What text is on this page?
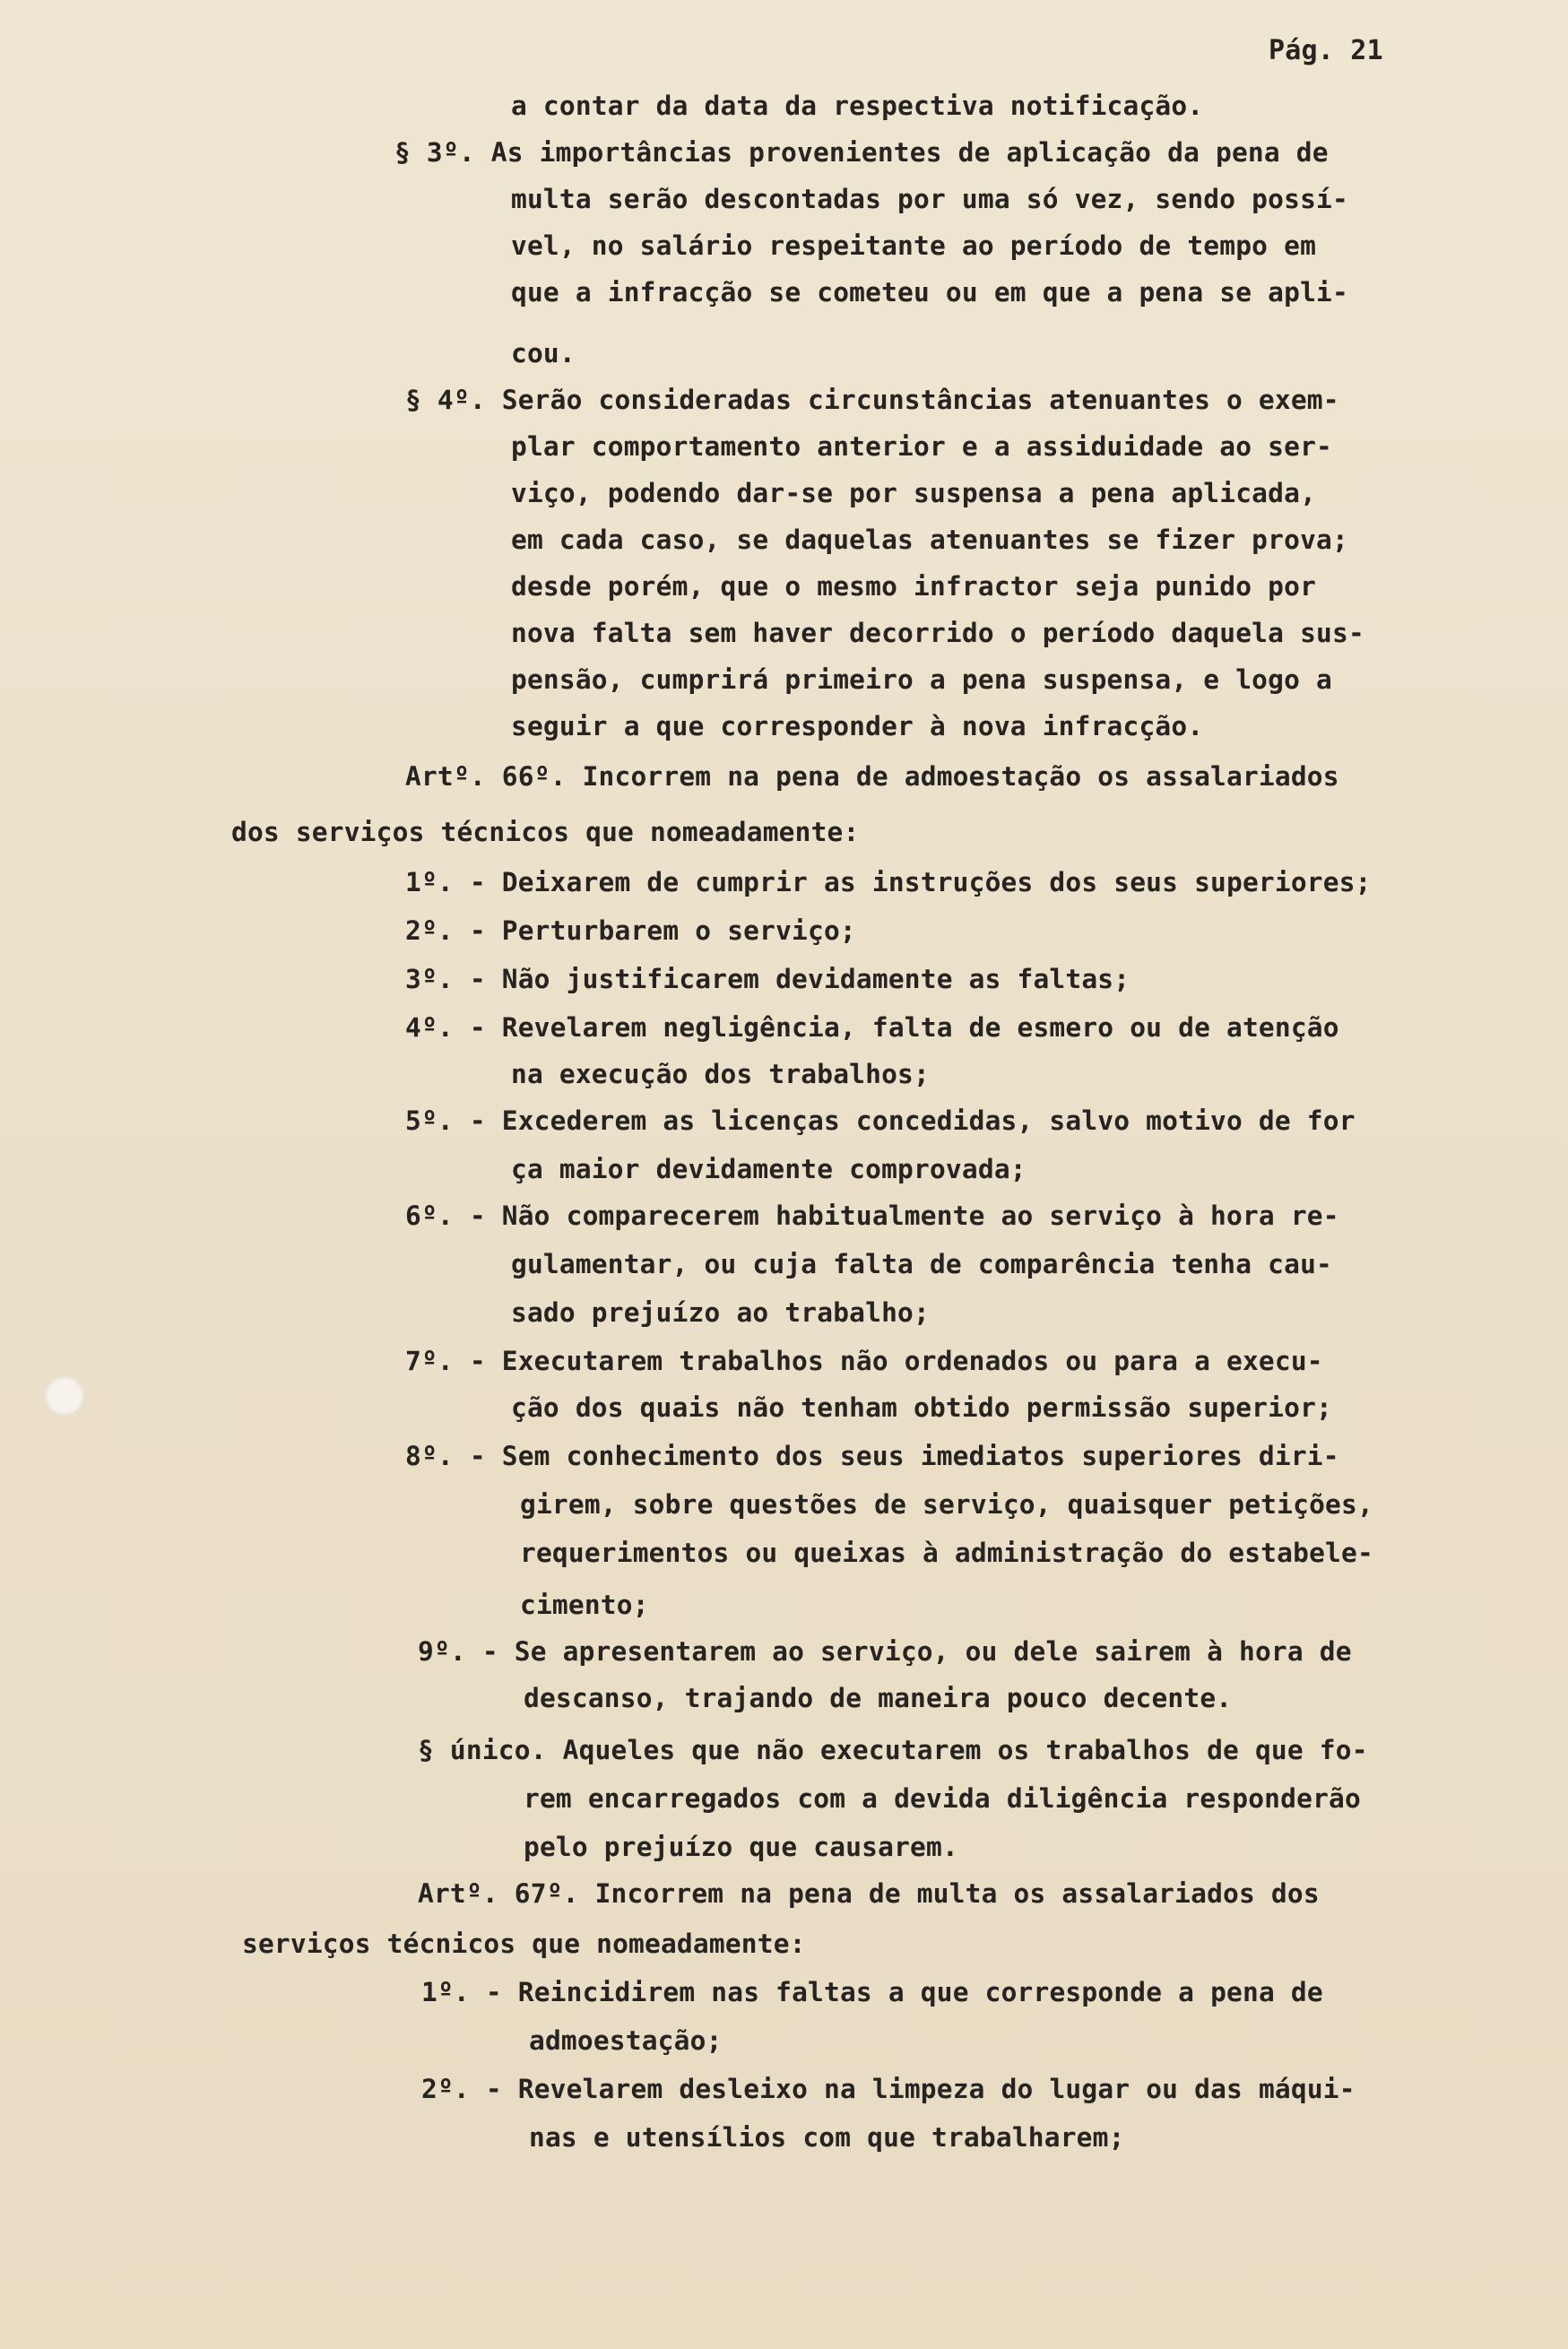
Pág. 21
a contar da data da respectiva notificação.
§ 3º. As importâncias provenientes de aplicação da pena de
multa serão descontadas por uma só vez, sendo possí-
vel, no salário respeitante ao período de tempo em
que a infracção se cometeu ou em que a pena se apli-
cou.
§ 4º. Serão consideradas circunstâncias atenuantes o exem-
plar comportamento anterior e a assiduidade ao ser-
viço, podendo dar-se por suspensa a pena aplicada,
em cada caso, se daquelas atenuantes se fizer prova;
desde porém, que o mesmo infractor seja punido por
nova falta sem haver decorrido o período daquela sus-
pensão, cumprirá primeiro a pena suspensa, e logo a
seguir a que corresponder à nova infracção.
Artº. 66º. Incorrem na pena de admoestação os assalariados
dos serviços técnicos que nomeadamente:
1º. - Deixarem de cumprir as instruções dos seus superiores;
2º. - Perturbarem o serviço;
3º. - Não justificarem devidamente as faltas;
4º. - Revelarem negligência, falta de esmero ou de atenção
na execução dos trabalhos;
5º. - Excederem as licenças concedidas, salvo motivo de for
ça maior devidamente comprovada;
6º. - Não comparecerem habitualmente ao serviço à hora re-
gulamentar, ou cuja falta de comparência tenha cau-
sado prejuízo ao trabalho;
7º. - Executarem trabalhos não ordenados ou para a execu-
ção dos quais não tenham obtido permissão superior;
8º. - Sem conhecimento dos seus imediatos superiores diri-
girem, sobre questões de serviço, quaisquer petições,
requerimentos ou queixas à administração do estabele-
cimento;
9º. - Se apresentarem ao serviço, ou dele sairem à hora de
descanso, trajando de maneira pouco decente.
§ único. Aqueles que não executarem os trabalhos de que fo-
rem encarregados com a devida diligência responderão
pelo prejuízo que causarem.
Artº. 67º. Incorrem na pena de multa os assalariados dos
serviços técnicos que nomeadamente:
1º. - Reincidirem nas faltas a que corresponde a pena de
admoestação;
2º. - Revelarem desleixo na limpeza do lugar ou das máqui-
nas e utensílios com que trabalharem;
